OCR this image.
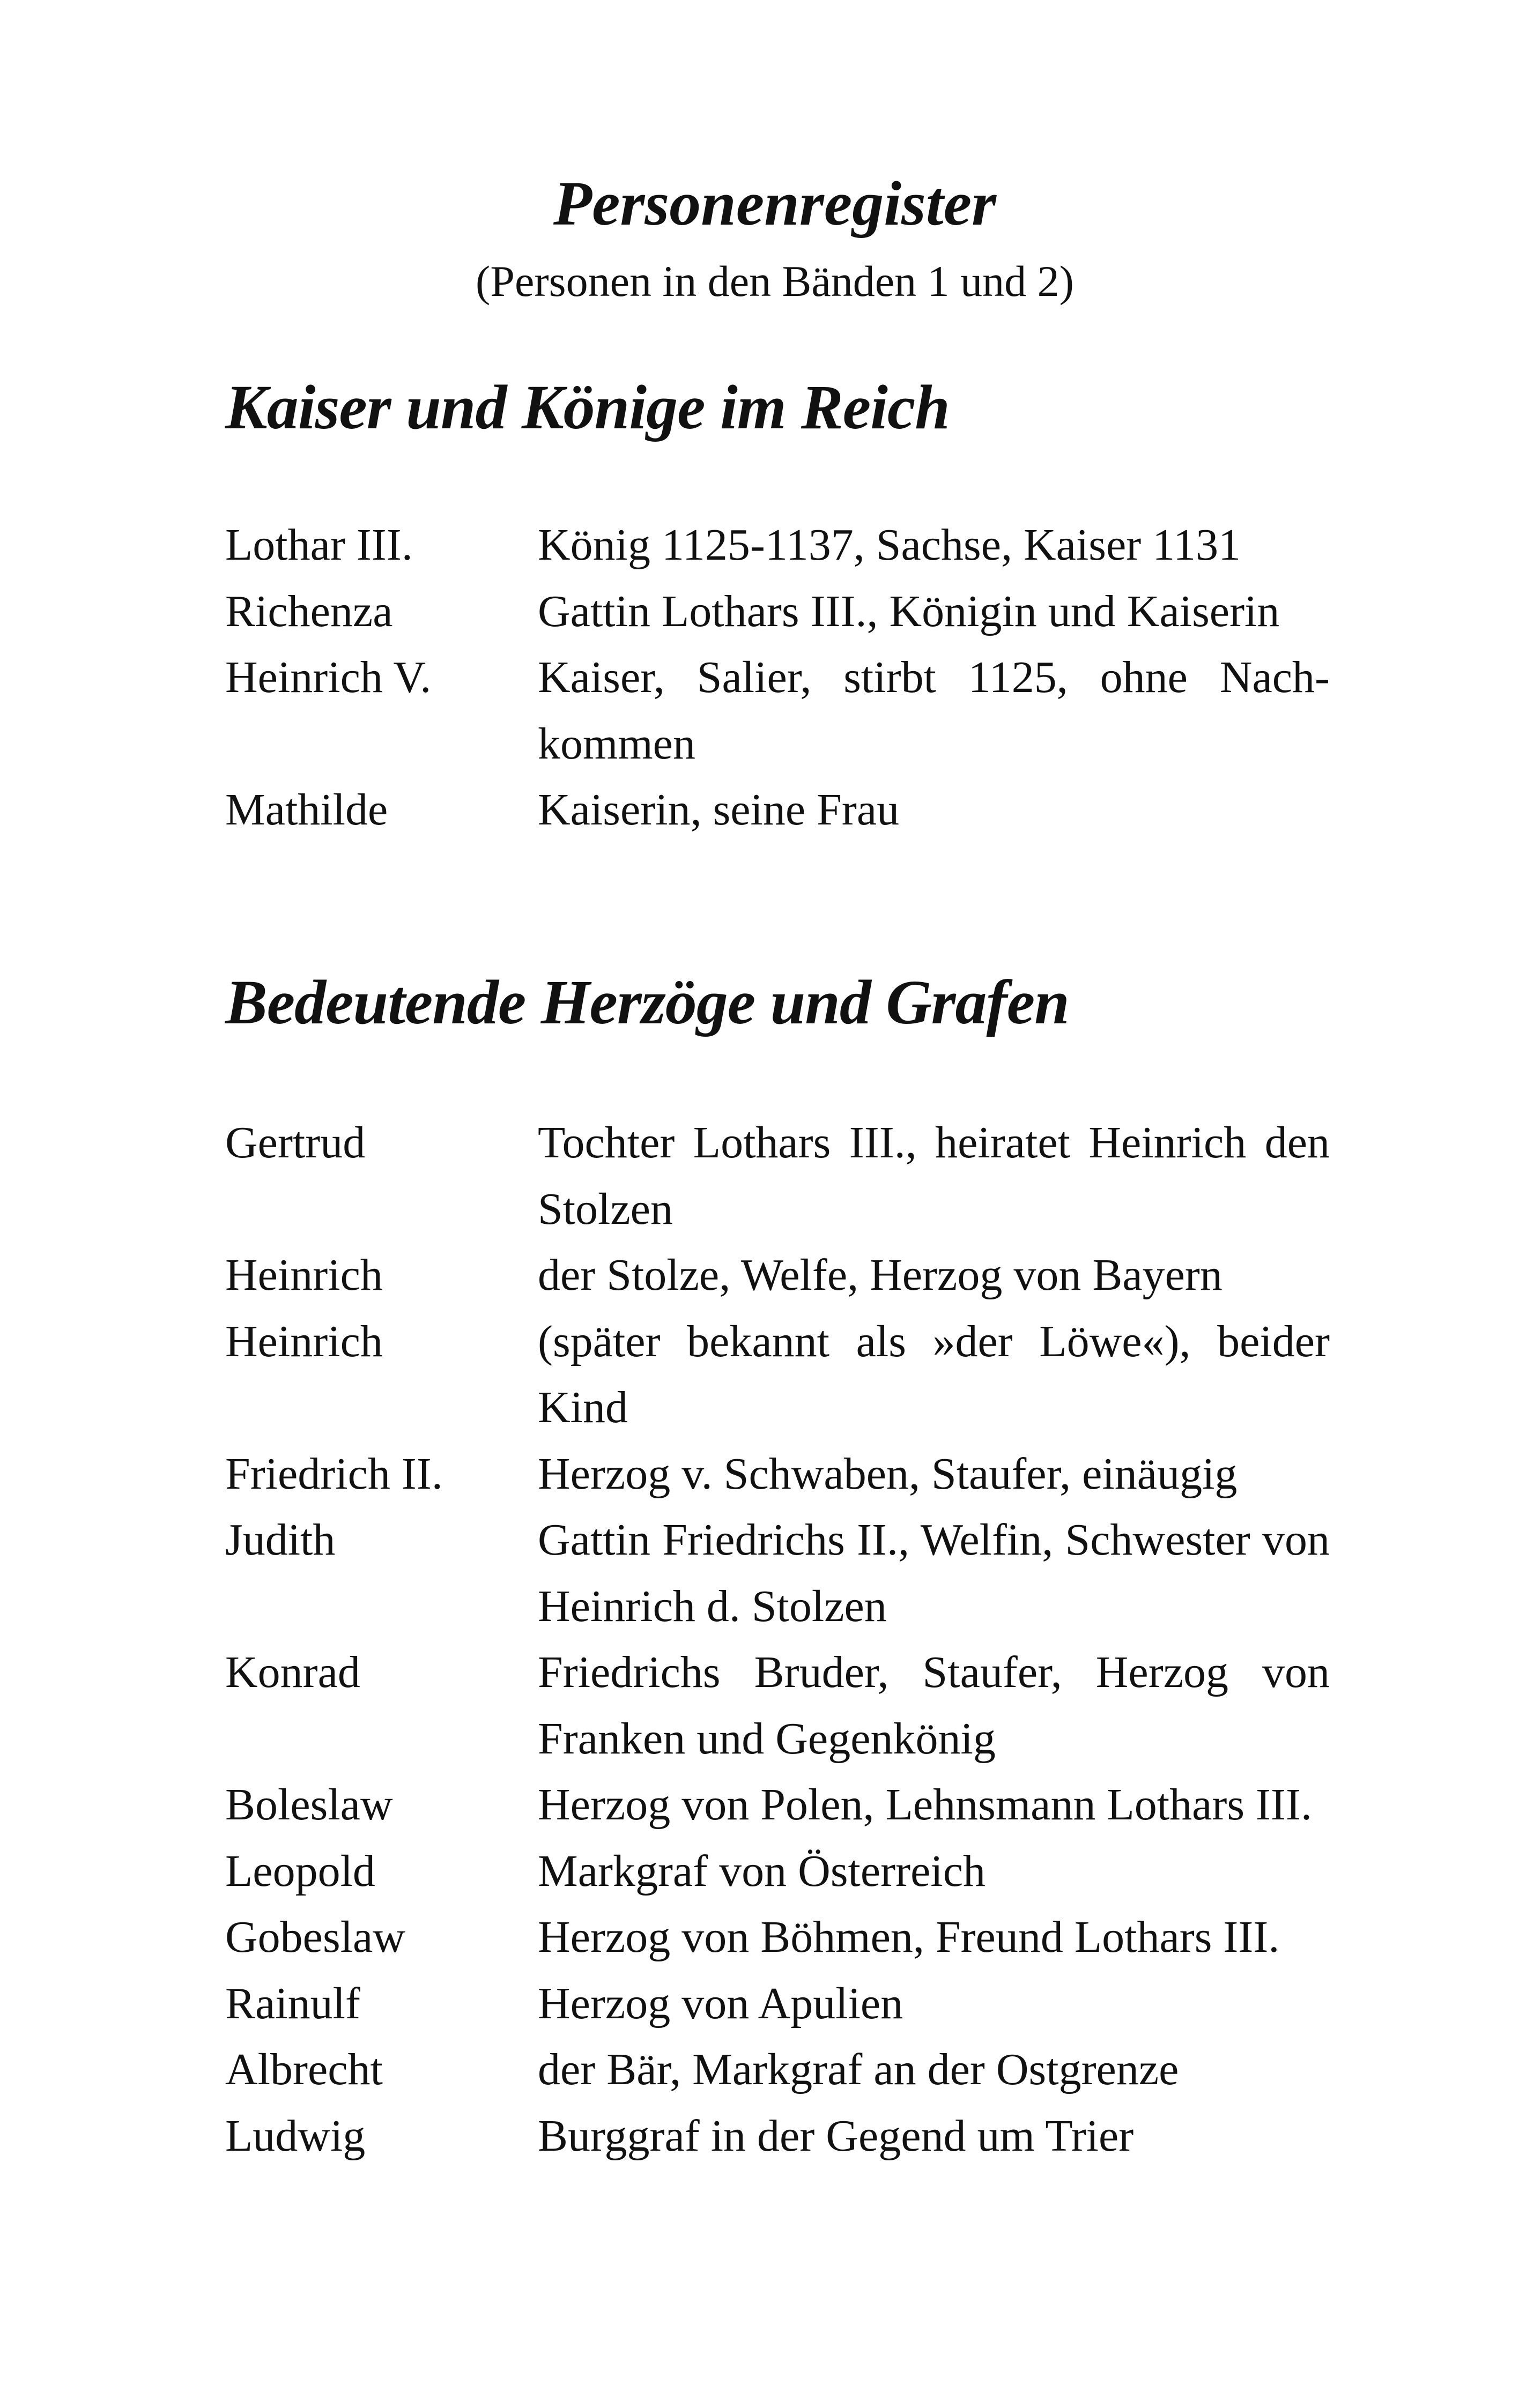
Personenregister

(Personen in den Bänden 1 und 2)

Kaiser und Könige im Reich
Lothar III.	König 1125-1137, Sachse, Kaiser 1131
Richenza	Gattin Lothars III., Königin und Kaiserin
Heinrich V.	Kaiser, Salier, stirbt 1125, ohne Nachkommen
Mathilde	Kaiserin, seine Frau
Bedeutende Herzöge und Grafen
Gertrud	Tochter Lothars III., heiratet Heinrich den Stolzen
Heinrich	der Stolze, Welfe, Herzog von Bayern
Heinrich	(später bekannt als »der Löwe«), beider Kind
Friedrich II.	Herzog v. Schwaben, Staufer, einäugig
Judith	Gattin Friedrichs II., Welfin, Schwester von Heinrich d. Stolzen
Konrad	Friedrichs Bruder, Staufer, Herzog von Franken und Gegenkönig
Boleslaw	Herzog von Polen, Lehnsmann Lothars III.
Leopold	Markgraf von Österreich
Gobeslaw	Herzog von Böhmen, Freund Lothars III.
Rainulf	Herzog von Apulien
Albrecht	der Bär, Markgraf an der Ostgrenze
Ludwig	Burggraf in der Gegend um Trier
